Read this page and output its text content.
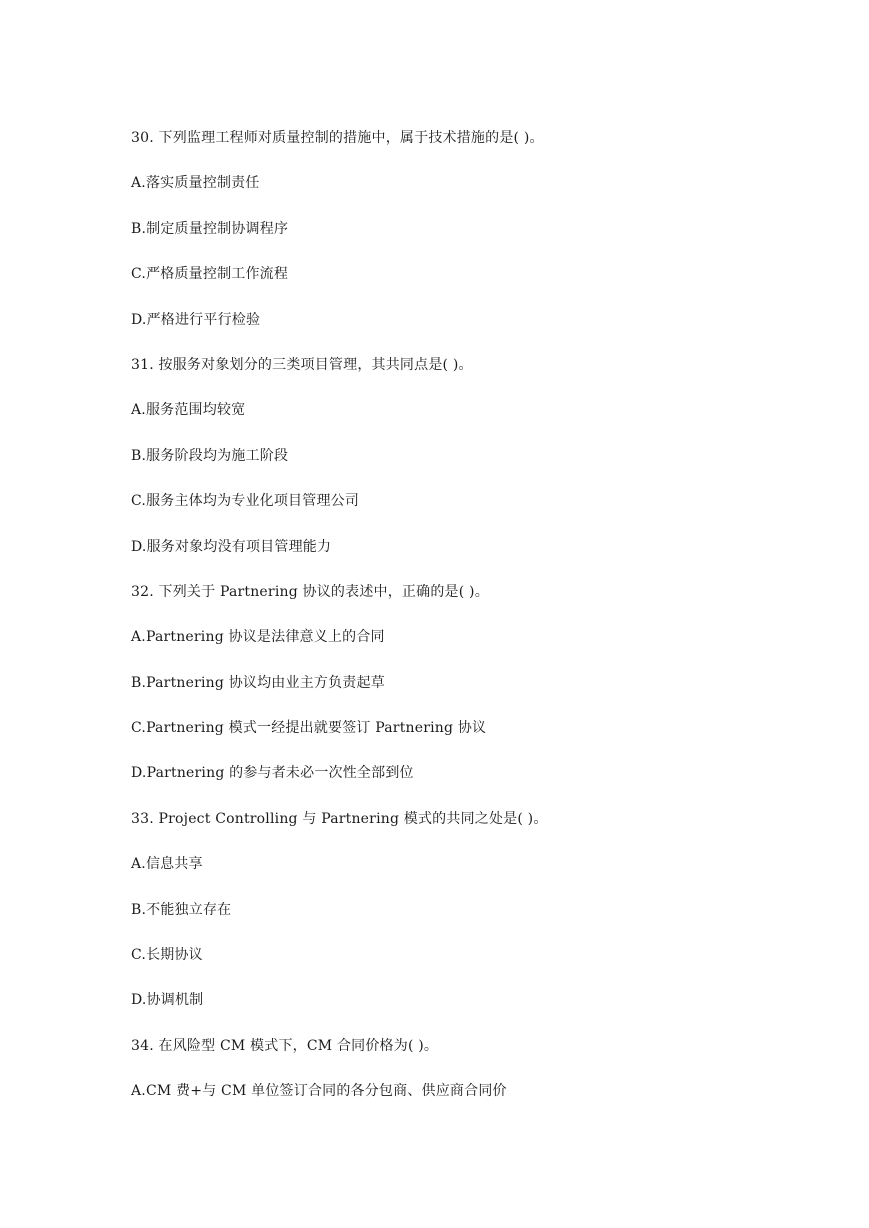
30. 下列监理工程师对质量控制的措施中，属于技术措施的是( )。
A.落实质量控制责任
B.制定质量控制协调程序
C.严格质量控制工作流程
D.严格进行平行检验
31. 按服务对象划分的三类项目管理，其共同点是( )。
A.服务范围均较宽
B.服务阶段均为施工阶段
C.服务主体均为专业化项目管理公司
D.服务对象均没有项目管理能力
32. 下列关于 Partnering 协议的表述中，正确的是( )。
A.Partnering 协议是法律意义上的合同
B.Partnering 协议均由业主方负责起草
C.Partnering 模式一经提出就要签订 Partnering 协议
D.Partnering 的参与者未必一次性全部到位
33. Project Controlling 与 Partnering 模式的共同之处是( )。
A.信息共享
B.不能独立存在
C.长期协议
D.协调机制
34. 在风险型 CM 模式下，CM 合同价格为( )。
A.CM 费+与 CM 单位签订合同的各分包商、供应商合同价
